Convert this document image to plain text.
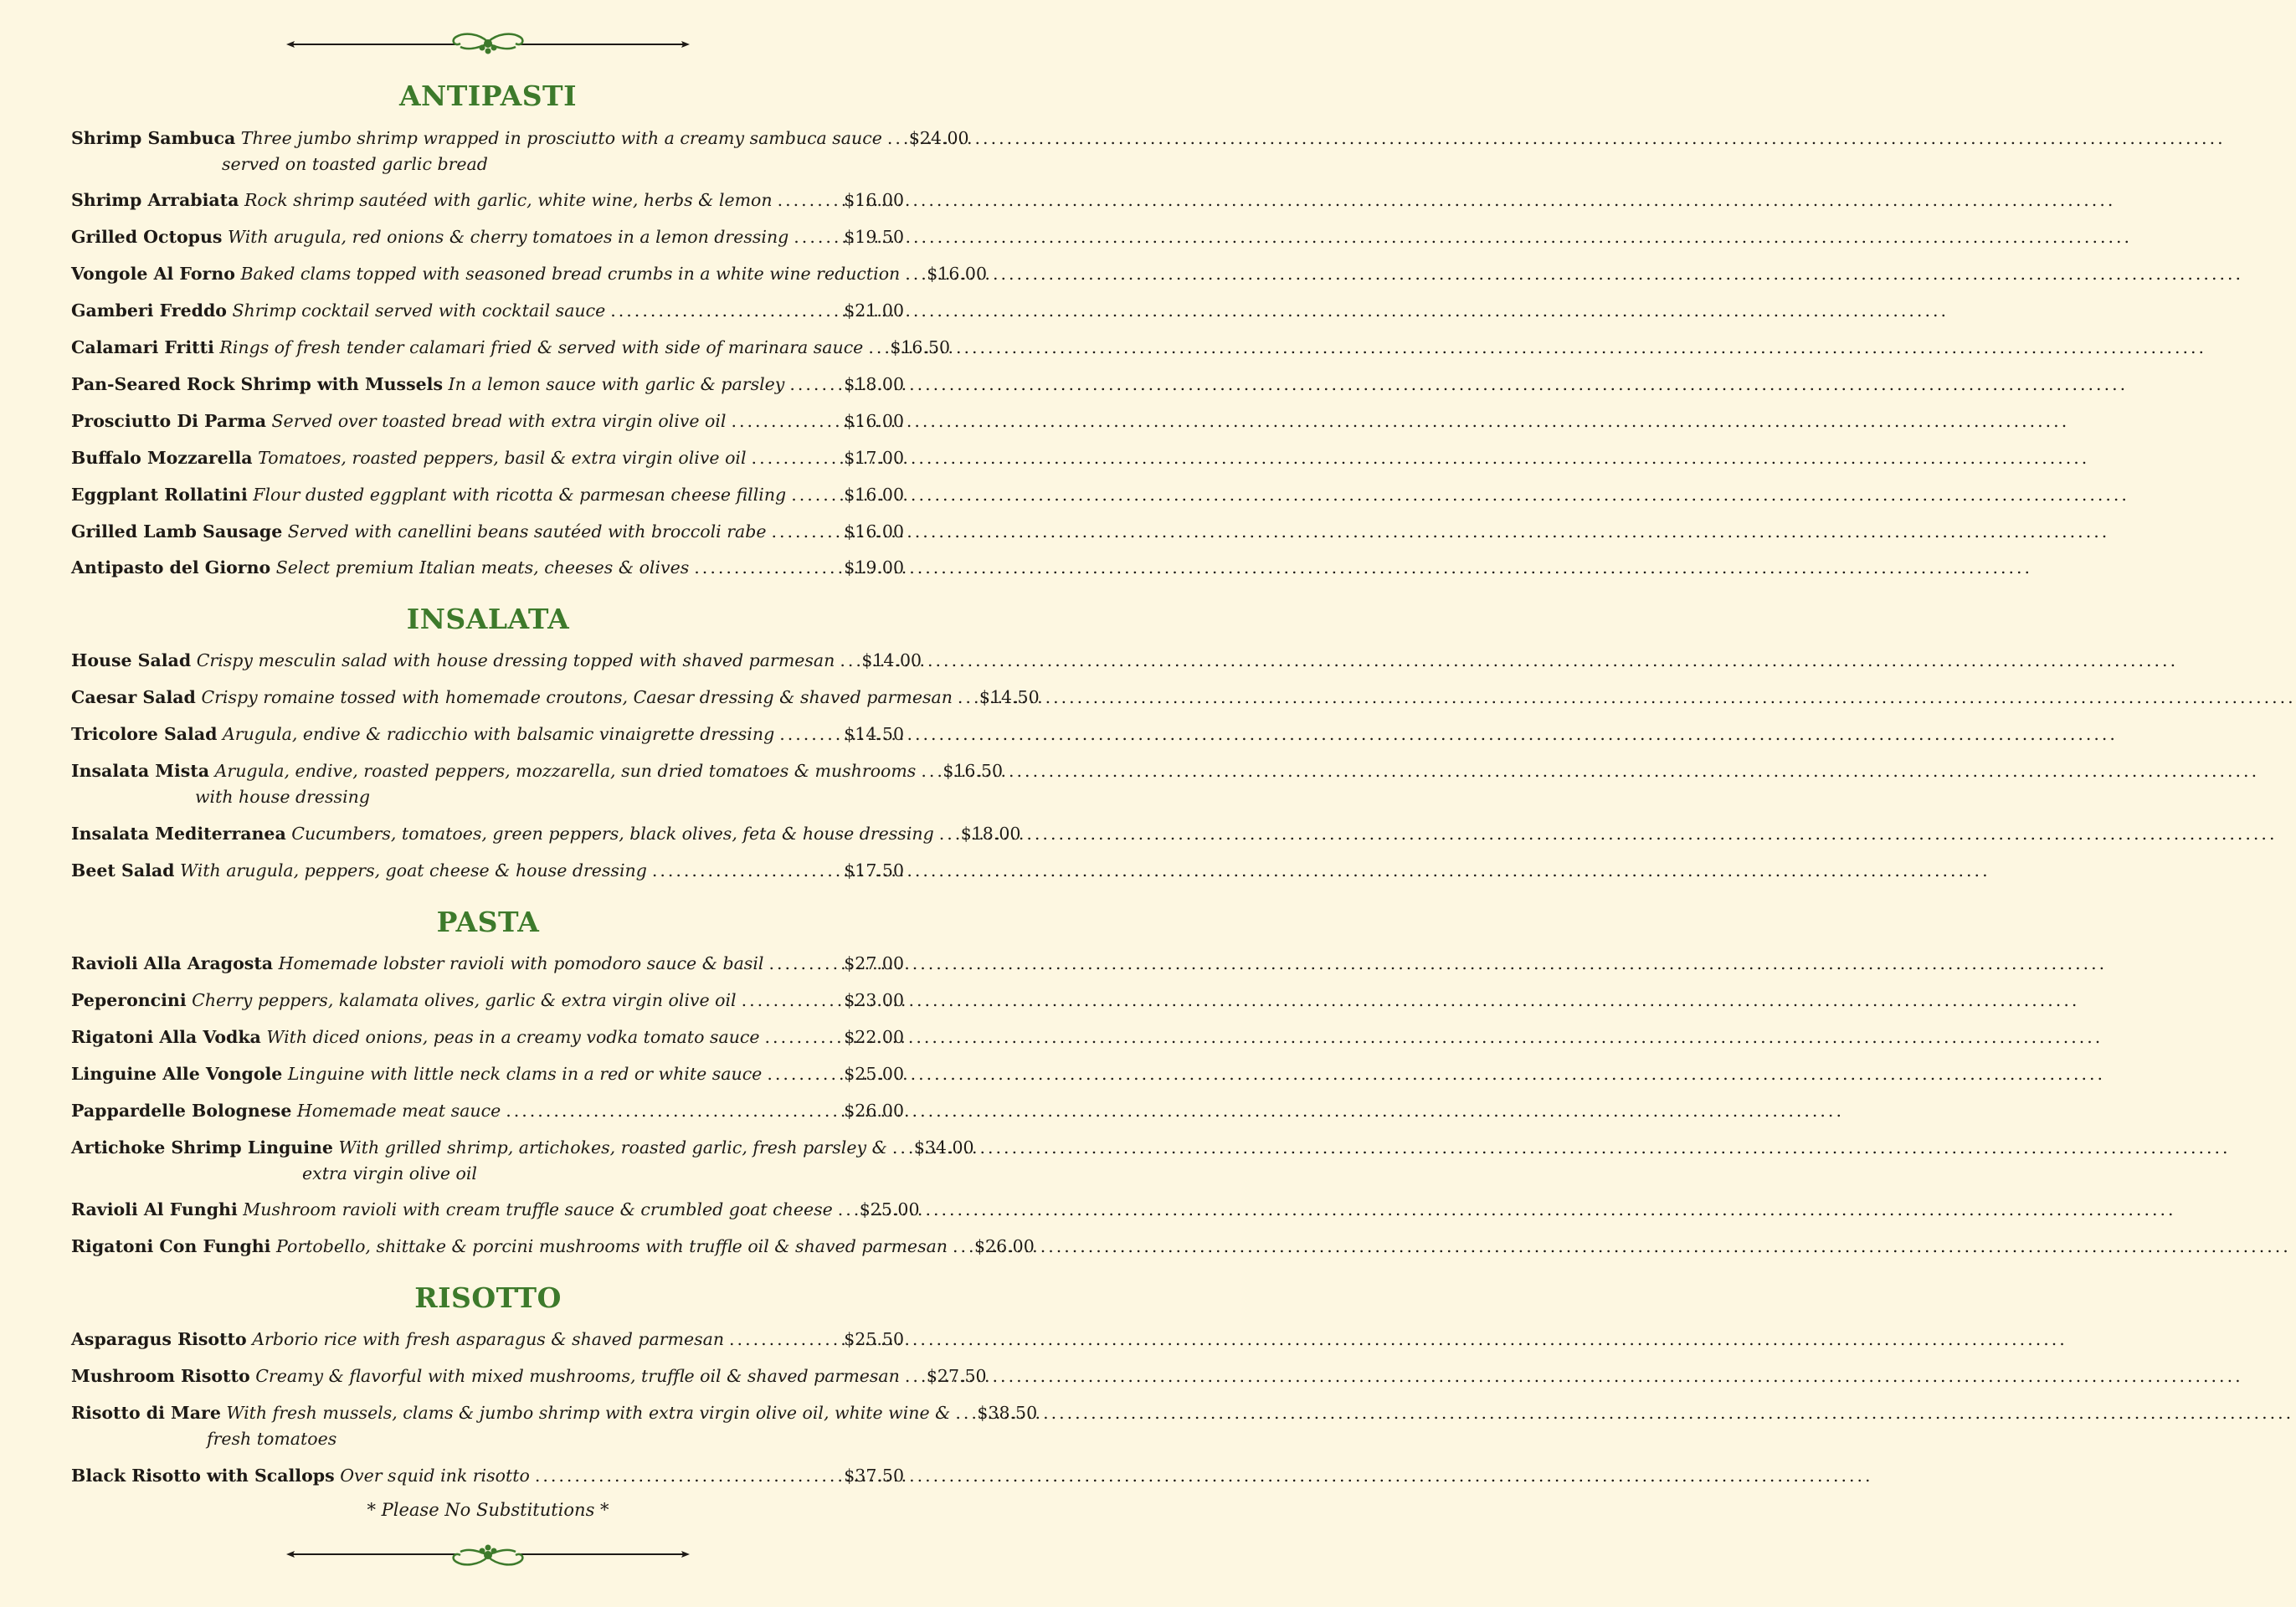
ANTIPASTI
Shrimp Sambuca Three jumbo shrimp wrapped in prosciutto with a creamy sambuca sauce ..... $24.00
served on toasted garlic bread
Shrimp Arrabiata Rock shrimp sautéed with garlic, white wine, herbs & lemon .....	$16.00
Grilled Octopus With arugula, red onions & cherry tomatoes in a lemon dressing .....	$19.50
Vongole Al Forno Baked clams topped with seasoned bread crumbs in a white wine reduction ..... $16.00
Gamberi Freddo Shrimp cocktail served with cocktail sauce .....	$21.00
Calamari Fritti Rings of fresh tender calamari fried & served with side of marinara sauce ..... $16.50
Pan-Seared Rock Shrimp with Mussels In a lemon sauce with garlic & parsley .....	$18.00
Prosciutto Di Parma Served over toasted bread with extra virgin olive oil .....	$16.00
Buffalo Mozzarella Tomatoes, roasted peppers, basil & extra virgin olive oil .....	$17.00
Eggplant Rollatini Flour dusted eggplant with ricotta & parmesan cheese filling .....	$16.00
Grilled Lamb Sausage Served with canellini beans sautéed with broccoli rabe .....	$16.00
Antipasto del Giorno Select premium Italian meats, cheeses & olives .....	$19.00
INSALATA
House Salad Crispy mesculin salad with house dressing topped with shaved parmesan ..... $14.00
Caesar Salad Crispy romaine tossed with homemade croutons, Caesar dressing & shaved parmesan ..... $14.50
Tricolore Salad Arugula, endive & radicchio with balsamic vinaigrette dressing .....	$14.50
Insalata Mista Arugula, endive, roasted peppers, mozzarella, sun dried tomatoes & mushrooms ..... $16.50
with house dressing
Insalata Mediterranea Cucumbers, tomatoes, green peppers, black olives, feta & house dressing ..... $18.00
Beet Salad With arugula, peppers, goat cheese & house dressing .....	$17.50
PASTA
Ravioli Alla Aragosta Homemade lobster ravioli with pomodoro sauce & basil .....	$27.00
Peperoncini Cherry peppers, kalamata olives, garlic & extra virgin olive oil .....	$23.00
Rigatoni Alla Vodka With diced onions, peas in a creamy vodka tomato sauce .....	$22.00
Linguine Alle Vongole Linguine with little neck clams in a red or white sauce .....	$25.00
Pappardelle Bolognese Homemade meat sauce .....	$26.00
Artichoke Shrimp Linguine With grilled shrimp, artichokes, roasted garlic, fresh parsley & ..... $34.00
extra virgin olive oil
Ravioli Al Funghi Mushroom ravioli with cream truffle sauce & crumbled goat cheese ..... $25.00
Rigatoni Con Funghi Portobello, shittake & porcini mushrooms with truffle oil & shaved parmesan ..... $26.00
RISOTTO
Asparagus Risotto Arborio rice with fresh asparagus & shaved parmesan .....	$25.50
Mushroom Risotto Creamy & flavorful with mixed mushrooms, truffle oil & shaved parmesan ..... $27.50
Risotto di Mare With fresh mussels, clams & jumbo shrimp with extra virgin olive oil, white wine & ..... $38.50
fresh tomatoes
Black Risotto with Scallops Over squid ink risotto .....	$37.50
* Please No Substitutions *
